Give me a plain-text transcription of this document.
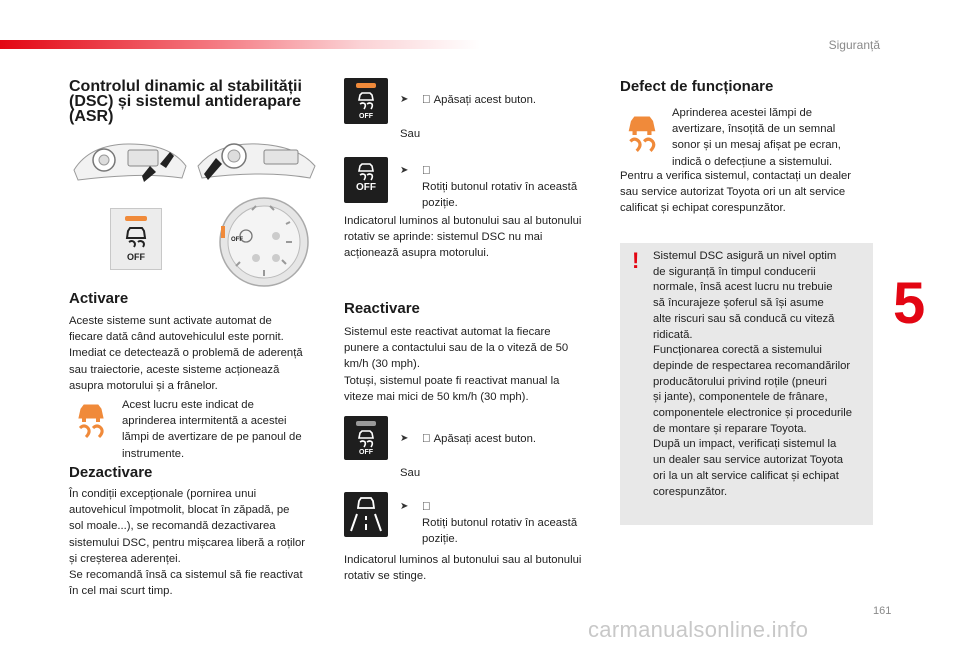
Siguranță
5
161
carmanualsonline.info
Controlul dinamic al stabilității
(DSC) și sistemul antiderapare
(ASR)
OFF
OFF
Activare

Aceste sisteme sunt activate automat de

fiecare dată când autovehiculul este pornit.

Imediat ce detectează o problemă de aderență

sau traiectorie, aceste sisteme acționează

asupra motorului și a frânelor.

Acest lucru este indicat de

aprinderea intermitentă a acestei

lămpi de avertizare de pe panoul de

instrumente.

Dezactivare

În condiții excepționale (pornirea unui

autovehicul împotmolit, blocat în zăpadă, pe

sol moale...), se recomandă dezactivarea

sistemului DSC, pentru mișcarea liberă a roților

și creșterea aderenței.

Se recomandă însă ca sistemul să fie reactivat

în cel mai scurt timp.

OFF

➤ Apăsați acest buton.
Sau
OFF
➤
Rotiți butonul rotativ în această
poziție.

Indicatorul luminos al butonului sau al butonului

rotativ se aprinde: sistemul DSC nu mai

acționează asupra motorului.

Reactivare

Sistemul este reactivat automat la fiecare

punere a contactului sau de la o viteză de 50

km/h (30 mph).

Totuși, sistemul poate fi reactivat manual la

viteze mai mici de 50 km/h (30 mph).

OFF

➤ Apăsați acest buton.
Sau
➤
Rotiți butonul rotativ în această
poziție.

Indicatorul luminos al butonului sau al butonului

rotativ se stinge.

Defect de funcționare

Aprinderea acestei lămpi de

avertizare, însoțită de un semnal

sonor și un mesaj afișat pe ecran,

indică o defecțiune a sistemului.

Pentru a verifica sistemul, contactați un dealer

sau service autorizat Toyota ori un alt service

calificat și echipat corespunzător.

! Sistemul DSC asigură un nivel optim

de siguranță în timpul conducerii

normale, însă acest lucru nu trebuie

să încurajeze șoferul să își asume

alte riscuri sau să conducă cu viteză

ridicată.

Funcționarea corectă a sistemului

depinde de respectarea recomandărilor

producătorului privind roțile (pneuri

și jante), componentele de frânare,

componentele electronice și procedurile

de montare și reparare Toyota.

După un impact, verificați sistemul la

un dealer sau service autorizat Toyota

ori la un alt service calificat și echipat

corespunzător.
